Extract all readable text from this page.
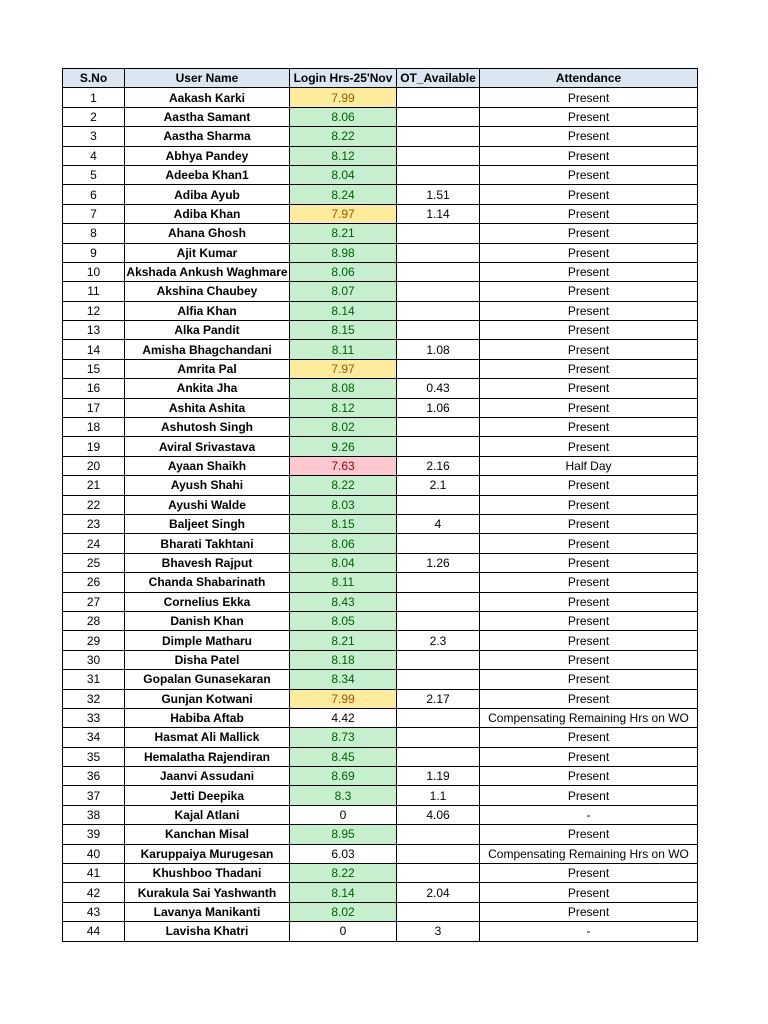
S.No	User Name	Login Hrs-25'Nov	OT_Available	Attendance
1	Aakash Karki	7.99		Present
2	Aastha Samant	8.06		Present
3	Aastha Sharma	8.22		Present
4	Abhya Pandey	8.12		Present
5	Adeeba Khan1	8.04		Present
6	Adiba Ayub	8.24	1.51	Present
7	Adiba Khan	7.97	1.14	Present
8	Ahana Ghosh	8.21		Present
9	Ajit Kumar	8.98		Present
10	Akshada Ankush Waghmare	8.06		Present
11	Akshina Chaubey	8.07		Present
12	Alfia Khan	8.14		Present
13	Alka Pandit	8.15		Present
14	Amisha Bhagchandani	8.11	1.08	Present
15	Amrita Pal	7.97		Present
16	Ankita Jha	8.08	0.43	Present
17	Ashita Ashita	8.12	1.06	Present
18	Ashutosh Singh	8.02		Present
19	Aviral Srivastava	9.26		Present
20	Ayaan Shaikh	7.63	2.16	Half Day
21	Ayush Shahi	8.22	2.1	Present
22	Ayushi Walde	8.03		Present
23	Baljeet Singh	8.15	4	Present
24	Bharati Takhtani	8.06		Present
25	Bhavesh Rajput	8.04	1.26	Present
26	Chanda Shabarinath	8.11		Present
27	Cornelius Ekka	8.43		Present
28	Danish Khan	8.05		Present
29	Dimple Matharu	8.21	2.3	Present
30	Disha Patel	8.18		Present
31	Gopalan Gunasekaran	8.34		Present
32	Gunjan Kotwani	7.99	2.17	Present
33	Habiba Aftab	4.42		Compensating Remaining Hrs on WO
34	Hasmat Ali Mallick	8.73		Present
35	Hemalatha Rajendiran	8.45		Present
36	Jaanvi Assudani	8.69	1.19	Present
37	Jetti Deepika	8.3	1.1	Present
38	Kajal Atlani	0	4.06	-
39	Kanchan Misal	8.95		Present
40	Karuppaiya Murugesan	6.03		Compensating Remaining Hrs on WO
41	Khushboo Thadani	8.22		Present
42	Kurakula Sai Yashwanth	8.14	2.04	Present
43	Lavanya Manikanti	8.02		Present
44	Lavisha Khatri	0	3	-
